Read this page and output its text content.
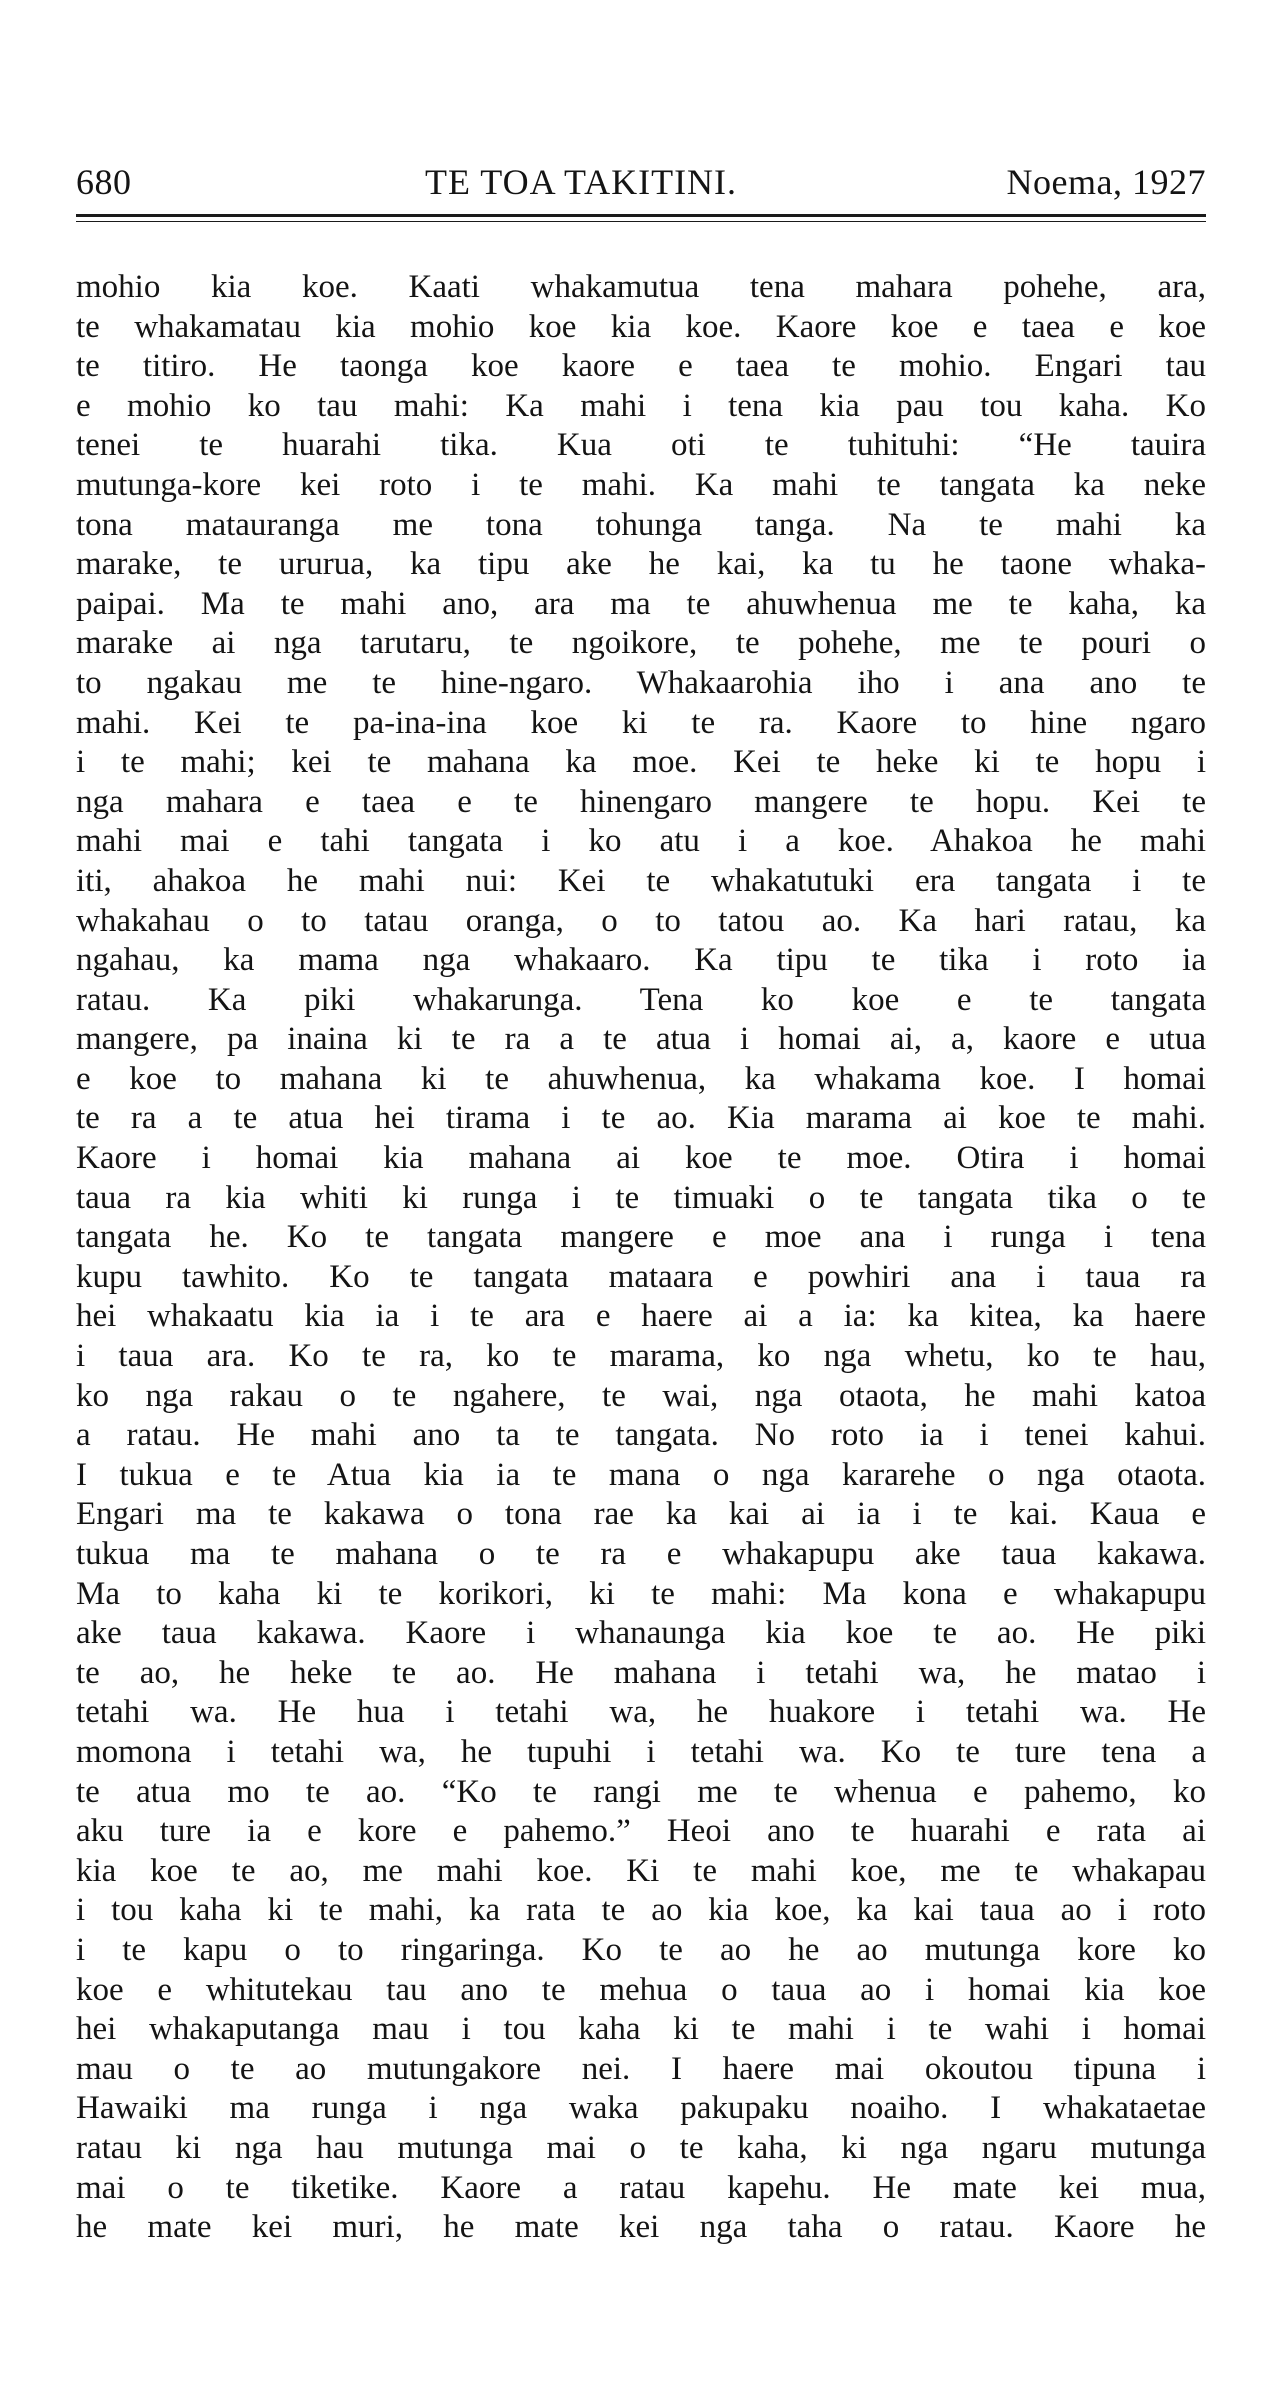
680	TE TOA TAKITINI.	Noema, 1927
mohio kia koe. Kaati whakamutua tena mahara pohehe, ara,
te whakamatau kia mohio koe kia koe. Kaore koe e taea e koe
te titiro. He taonga koe kaore e taea te mohio. Engari tau
e mohio ko tau mahi: Ka mahi i tena kia pau tou kaha. Ko
tenei te huarahi tika. Kua oti te tuhituhi: “He tauira
mutunga-kore kei roto i te mahi. Ka mahi te tangata ka neke
tona matauranga me tona tohunga tanga. Na te mahi ka
marake, te ururua, ka tipu ake he kai, ka tu he taone whaka-
paipai. Ma te mahi ano, ara ma te ahuwhenua me te kaha, ka
marake ai nga tarutaru, te ngoikore, te pohehe, me te pouri o
to ngakau me te hine-ngaro. Whakaarohia iho i ana ano te
mahi. Kei te pa-ina-ina koe ki te ra. Kaore to hine ngaro
i te mahi; kei te mahana ka moe. Kei te heke ki te hopu i
nga mahara e taea e te hinengaro mangere te hopu. Kei te
mahi mai e tahi tangata i ko atu i a koe. Ahakoa he mahi
iti, ahakoa he mahi nui: Kei te whakatutuki era tangata i te
whakahau o to tatau oranga, o to tatou ao. Ka hari ratau, ka
ngahau, ka mama nga whakaaro. Ka tipu te tika i roto ia
ratau. Ka piki whakarunga. Tena ko koe e te tangata
mangere, pa inaina ki te ra a te atua i homai ai, a, kaore e utua
e koe to mahana ki te ahuwhenua, ka whakama koe. I homai
te ra a te atua hei tirama i te ao. Kia marama ai koe te mahi.
Kaore i homai kia mahana ai koe te moe. Otira i homai
taua ra kia whiti ki runga i te timuaki o te tangata tika o te
tangata he. Ko te tangata mangere e moe ana i runga i tena
kupu tawhito. Ko te tangata mataara e powhiri ana i taua ra
hei whakaatu kia ia i te ara e haere ai a ia: ka kitea, ka haere
i taua ara. Ko te ra, ko te marama, ko nga whetu, ko te hau,
ko nga rakau o te ngahere, te wai, nga otaota, he mahi katoa
a ratau. He mahi ano ta te tangata. No roto ia i tenei kahui.
I tukua e te Atua kia ia te mana o nga kararehe o nga otaota.
Engari ma te kakawa o tona rae ka kai ai ia i te kai. Kaua e
tukua ma te mahana o te ra e whakapupu ake taua kakawa.
Ma to kaha ki te korikori, ki te mahi: Ma kona e whakapupu
ake taua kakawa. Kaore i whanaunga kia koe te ao. He piki
te ao, he heke te ao. He mahana i tetahi wa, he matao i
tetahi wa. He hua i tetahi wa, he huakore i tetahi wa. He
momona i tetahi wa, he tupuhi i tetahi wa. Ko te ture tena a
te atua mo te ao. “Ko te rangi me te whenua e pahemo, ko
aku ture ia e kore e pahemo.” Heoi ano te huarahi e rata ai
kia koe te ao, me mahi koe. Ki te mahi koe, me te whakapau
i tou kaha ki te mahi, ka rata te ao kia koe, ka kai taua ao i roto
i te kapu o to ringaringa. Ko te ao he ao mutunga kore ko
koe e whitutekau tau ano te mehua o taua ao i homai kia koe
hei whakaputanga mau i tou kaha ki te mahi i te wahi i homai
mau o te ao mutungakore nei. I haere mai okoutou tipuna i
Hawaiki ma runga i nga waka pakupaku noaiho. I whakataetae
ratau ki nga hau mutunga mai o te kaha, ki nga ngaru mutunga
mai o te tiketike. Kaore a ratau kapehu. He mate kei mua,
he mate kei muri, he mate kei nga taha o ratau. Kaore he
